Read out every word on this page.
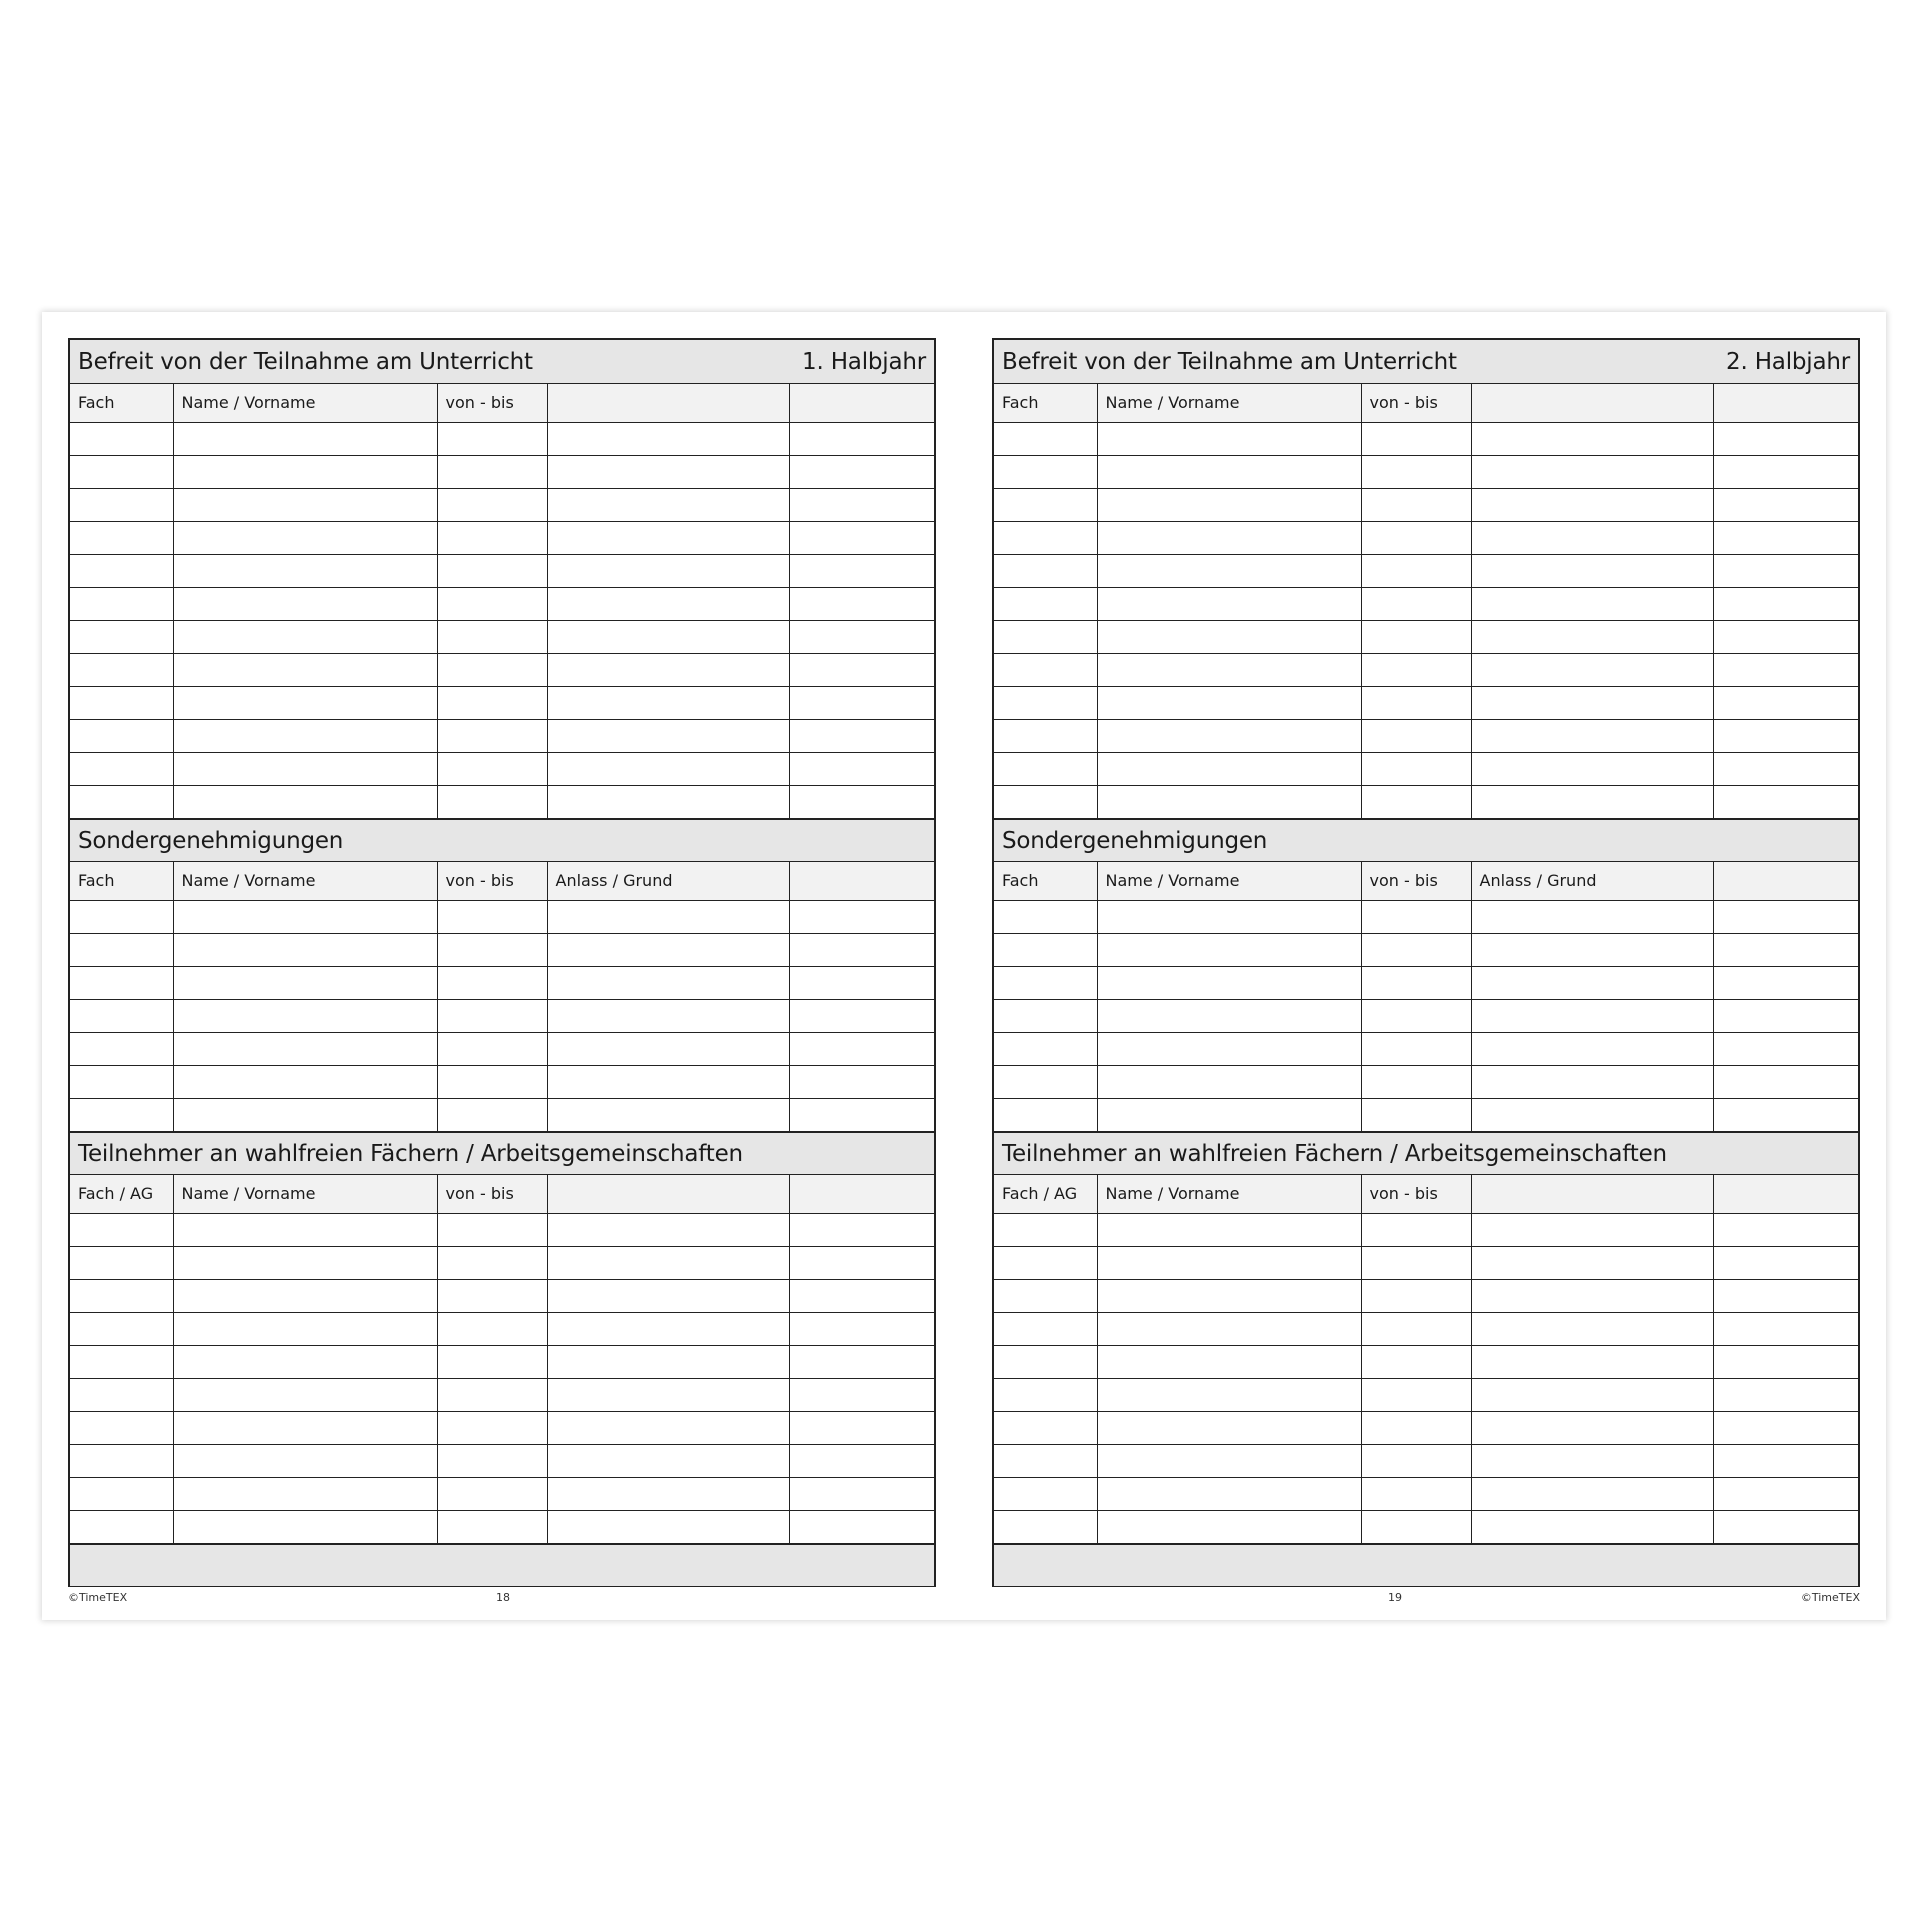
Befreit von der Teilnahme am Unterricht	1. Halbjahr
Fach	Name / Vorname	von - bis		

Sondergenehmigungen
Fach	Name / Vorname	von - bis	Anlass / Grund	

Teilnehmer an wahlfreien Fächern / Arbeitsgemeinschaften
Fach / AG	Name / Vorname	von - bis		

©TimeTEX	18
Befreit von der Teilnahme am Unterricht	2. Halbjahr
Fach	Name / Vorname	von - bis		

Sondergenehmigungen
Fach	Name / Vorname	von - bis	Anlass / Grund	

Teilnehmer an wahlfreien Fächern / Arbeitsgemeinschaften
Fach / AG	Name / Vorname	von - bis		

19	©TimeTEX
